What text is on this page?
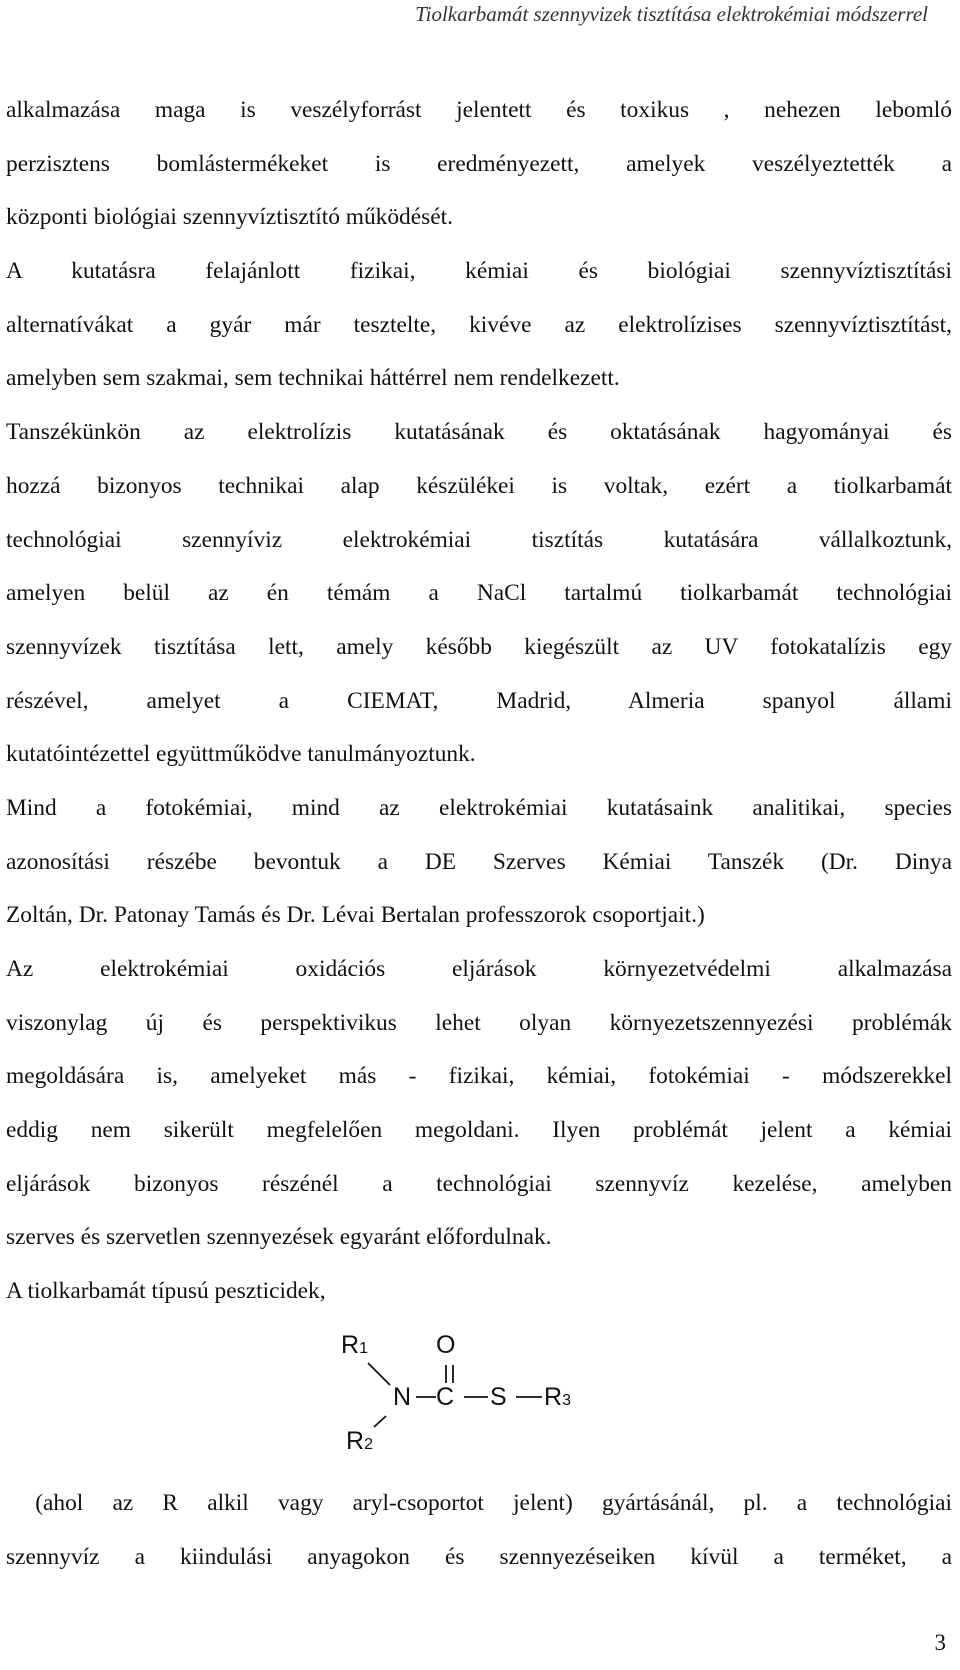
Tiolkarbamát szennyvizek tisztítása elektrokémiai módszerrel
alkalmazása maga is veszélyforrást jelentett és toxikus , nehezen lebomló
perzisztens bomlástermékeket is eredményezett, amelyek veszélyeztették a
központi biológiai szennyvíztisztító működését.
A kutatásra felajánlott fizikai, kémiai és biológiai szennyvíztisztítási
alternatívákat a gyár már tesztelte, kivéve az elektrolízises szennyvíztisztítást,
amelyben sem szakmai, sem technikai háttérrel nem rendelkezett.
Tanszékünkön az elektrolízis kutatásának és oktatásának hagyományai és
hozzá bizonyos technikai alap készülékei is voltak, ezért a tiolkarbamát
technológiai szennyíviz elektrokémiai tisztítás kutatására vállalkoztunk,
amelyen belül az én témám a NaCl tartalmú tiolkarbamát technológiai
szennyvízek tisztítása lett, amely később kiegészült az UV fotokatalízis egy
részével, amelyet a CIEMAT, Madrid, Almeria spanyol állami
kutatóintézettel együttműködve tanulmányoztunk.
Mind a fotokémiai, mind az elektrokémiai kutatásaink analitikai, species
azonosítási részébe bevontuk a DE Szerves Kémiai Tanszék (Dr. Dinya
Zoltán, Dr. Patonay Tamás és Dr. Lévai Bertalan professzorok csoportjait.)
Az elektrokémiai oxidációs eljárások környezetvédelmi alkalmazása
viszonylag új és perspektivikus lehet olyan környezetszennyezési problémák
megoldására is, amelyeket más - fizikai, kémiai, fotokémiai - módszerekkel
eddig nem sikerült megfelelően megoldani. Ilyen problémát jelent a kémiai
eljárások bizonyos részénél a technológiai szennyvíz kezelése, amelyben
szerves és szervetlen szennyezések egyaránt előfordulnak.
A tiolkarbamát típusú peszticidek,
R1	O
N C S R3
R2
(ahol az R alkil vagy aryl-csoportot jelent) gyártásánál, pl. a technológiai
szennyvíz a kiindulási anyagokon és szennyezéseiken kívül a terméket, a
3
